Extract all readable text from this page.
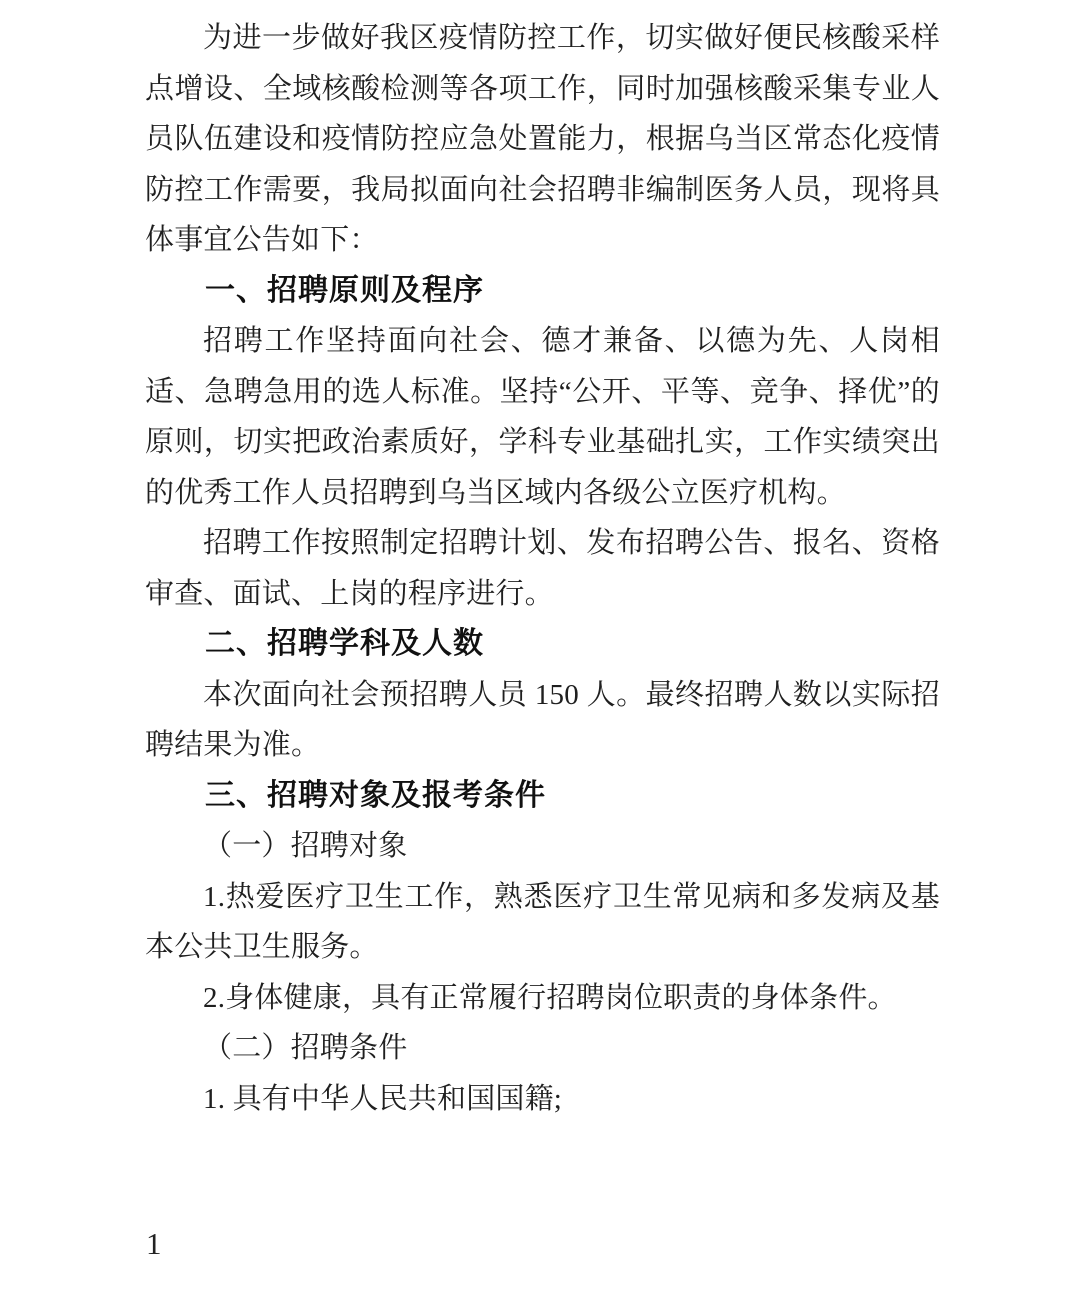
为进一步做好我区疫情防控工作，切实做好便民核酸采样点增设、全域核酸检测等各项工作，同时加强核酸采集专业人员队伍建设和疫情防控应急处置能力，根据乌当区常态化疫情防控工作需要，我局拟面向社会招聘非编制医务人员，现将具体事宜公告如下：

一、招聘原则及程序

招聘工作坚持面向社会、德才兼备、以德为先、人岗相适、急聘急用的选人标准。坚持“公开、平等、竞争、择优”的原则，切实把政治素质好，学科专业基础扎实，工作实绩突出的优秀工作人员招聘到乌当区域内各级公立医疗机构。

招聘工作按照制定招聘计划、发布招聘公告、报名、资格审查、面试、上岗的程序进行。

二、招聘学科及人数

本次面向社会预招聘人员 150 人。最终招聘人数以实际招聘结果为准。

三、招聘对象及报考条件

（一）招聘对象

1.热爱医疗卫生工作，熟悉医疗卫生常见病和多发病及基本公共卫生服务。

2.身体健康，具有正常履行招聘岗位职责的身体条件。

（二）招聘条件

1. 具有中华人民共和国国籍;

1
